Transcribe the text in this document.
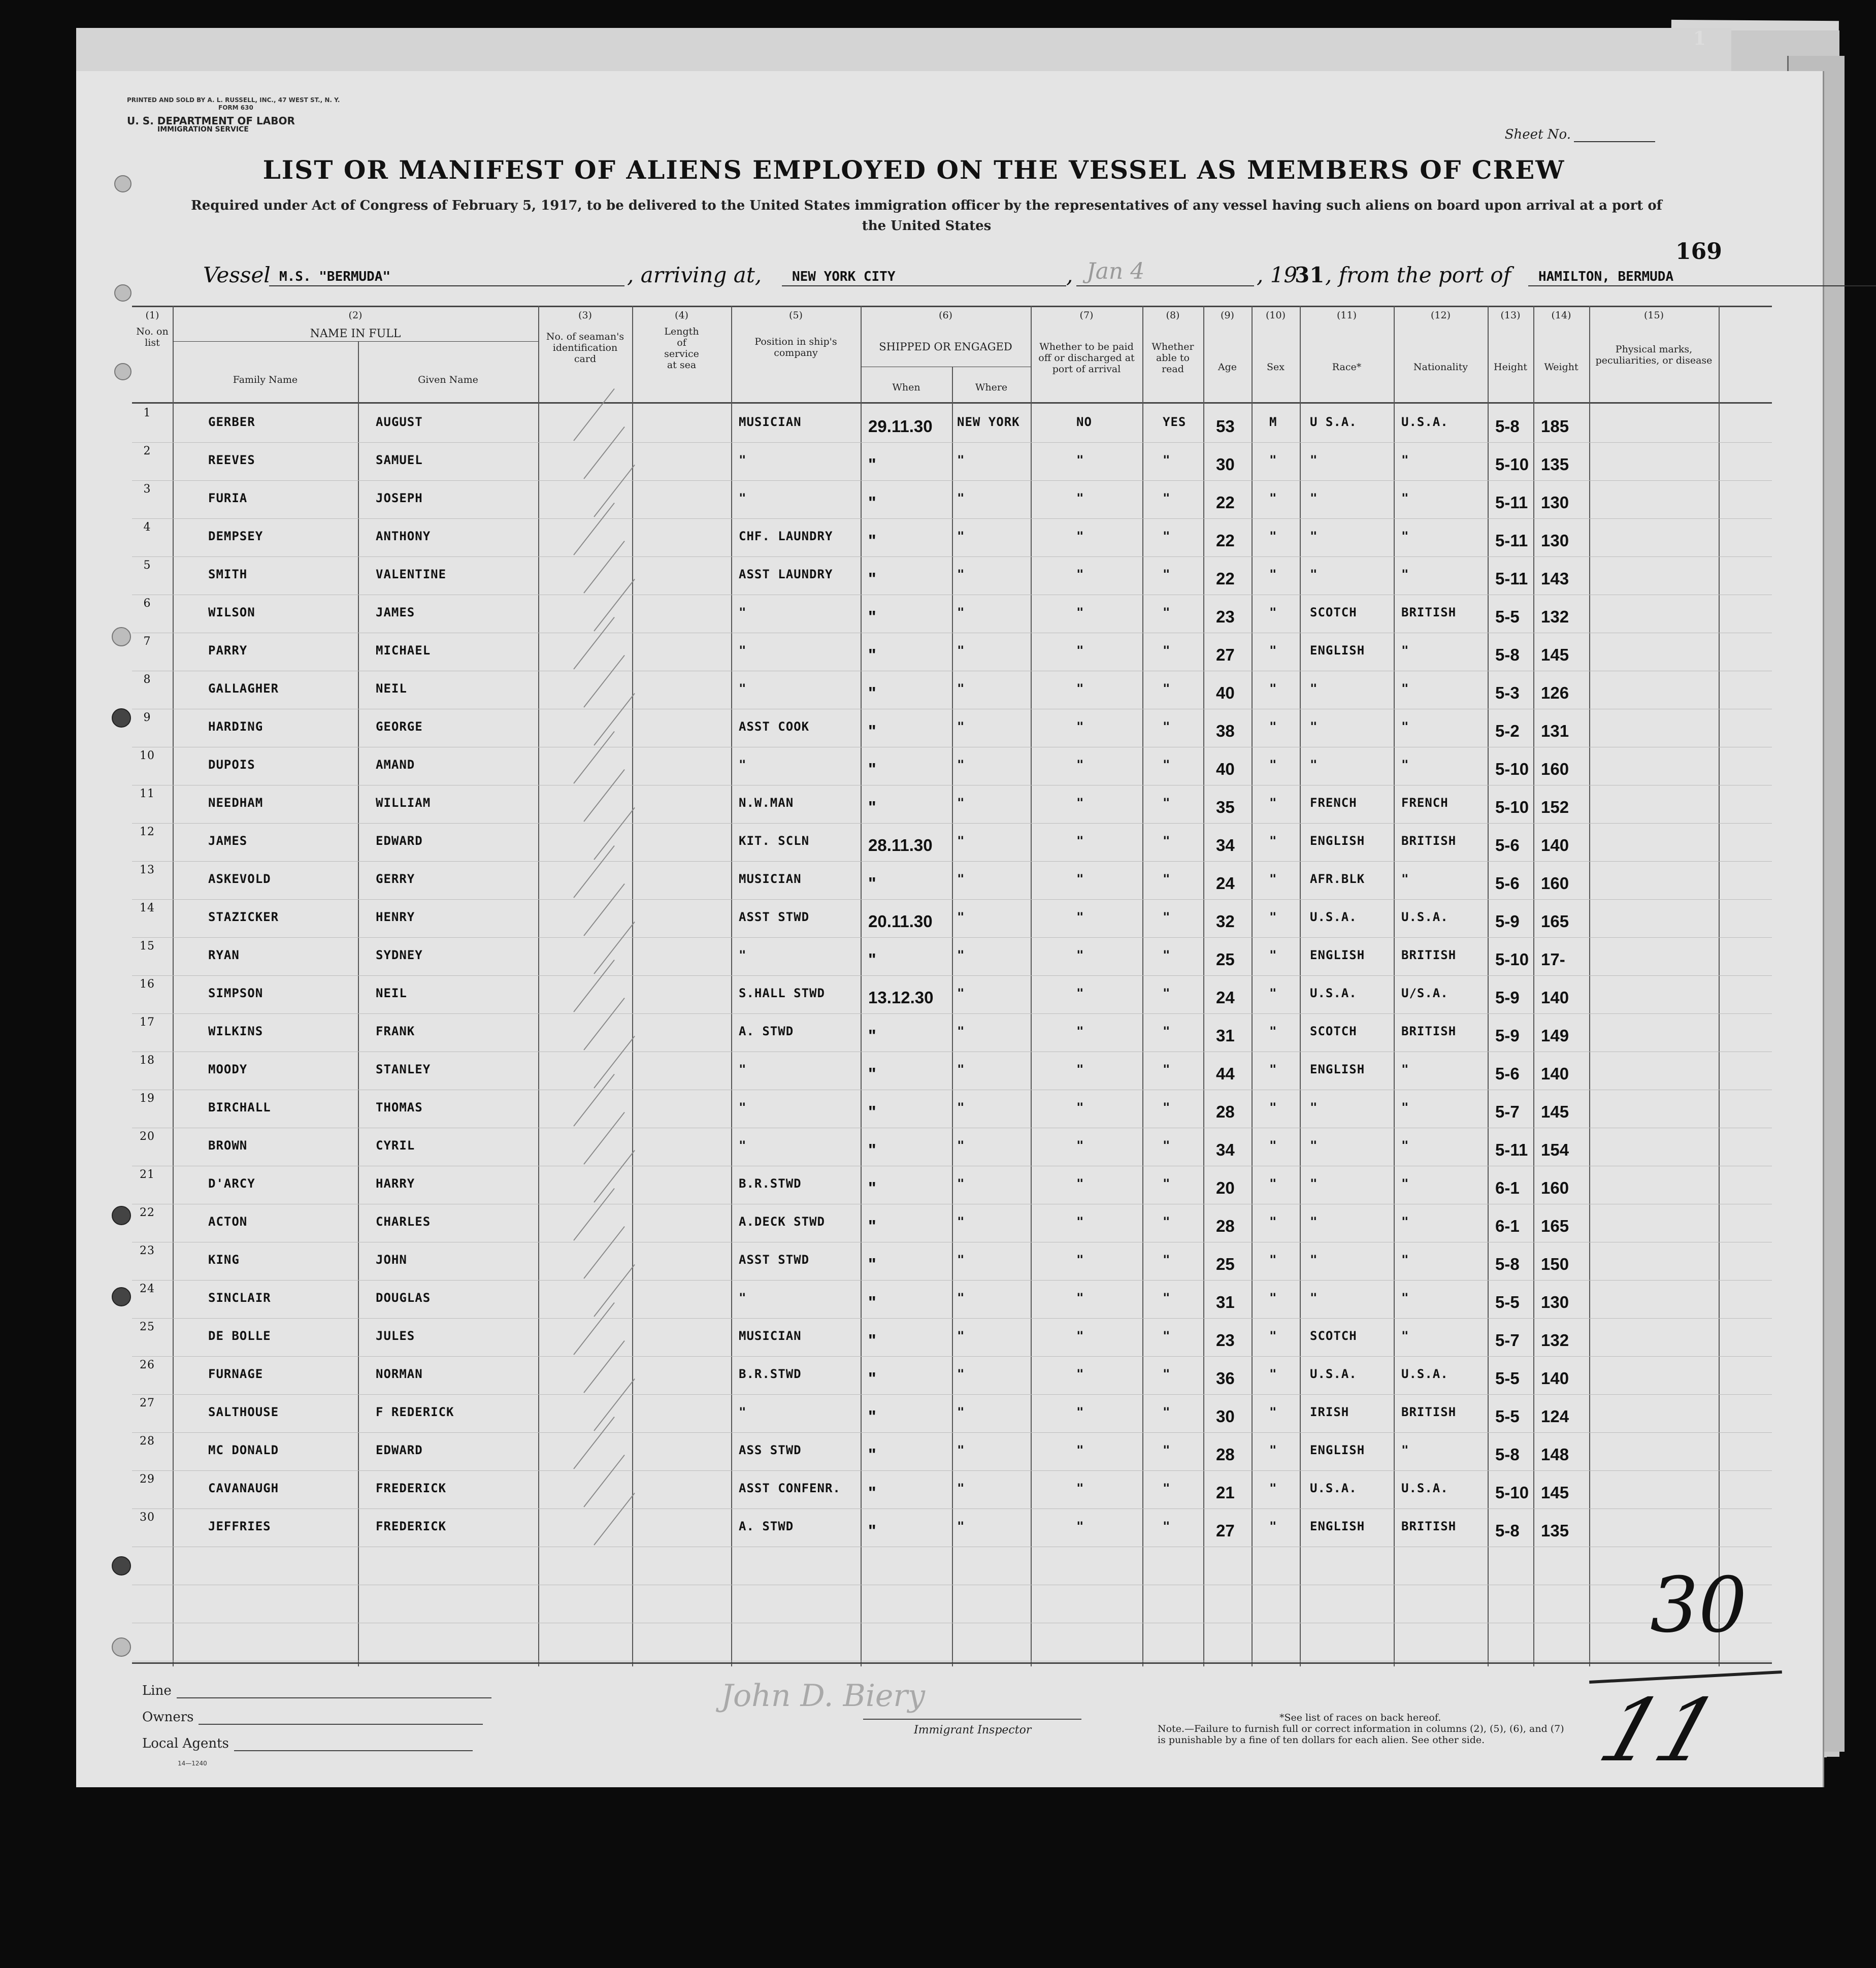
1
PRINTED AND SOLD BY A. L. RUSSELL, INC., 47 WEST ST., N. Y.
FORM 630
U. S. DEPARTMENT OF LABOR
IMMIGRATION SERVICE	Sheet No.
LIST OR MANIFEST OF ALIENS EMPLOYED ON THE VESSEL AS MEMBERS OF CREW
Required under Act of Congress of February 5, 1917, to be delivered to the United States immigration officer by the representatives of any vessel having such aliens on board upon arrival at a port of the United States
169
Vessel M.S. "BERMUDA"	, arriving at, NEW YORK CITY	, Jan 4	, 19
31 , from the port of HAMILTON, BERMUDA
(1)
No. on list
(2)
NAME IN FULL
Family Name	Given Name
(3)
No. of seaman's identification card
(4)
Length of service at sea
(5)
Position in ship's company
(6)
SHIPPED OR ENGAGED
When	Where
(7)
Whether to be paid off or discharged at port of arrival
(8)
Whether able to read
(9)
Age
(10)
Sex
(11)
Race*
(12)
Nationality
(13)
Height
(14)
Weight
(15)
Physical marks, peculiarities, or disease
1
GERBER	AUGUST	MUSICIAN	29.11.30 NEW YORK	NO	YES 53	M	U S.A.	U.S.A.	5-8 185
2
REEVES	SAMUEL	"	"	"	"	"	30	"	"	"	5-10 135
3
FURIA	JOSEPH	"	"	"	"	"	22	"	"	"	5-11 130
4
DEMPSEY	ANTHONY	CHF. LAUNDRY "	"	"	"	22	"	"	"	5-11 130
5
SMITH	VALENTINE	ASST LAUNDRY "	"	"	"	22	"	"	"	5-11 143
6
WILSON	JAMES	"	"	"	"	"	23	"	SCOTCH	BRITISH 5-5 132
7
PARRY	MICHAEL	"	"	"	"	"	27	"	ENGLISH	"	5-8 145
8
GALLAGHER	NEIL	"	"	"	"	"	40	"	"	"	5-3 126
9
HARDING	GEORGE	ASST COOK	"	"	"	"	38	"	"	"	5-2 131
10
DUPOIS	AMAND	"	"	"	"	"	40	"	"	"	5-10 160
11
NEEDHAM	WILLIAM	N.W.MAN	"	"	"	"	35	"	FRENCH	FRENCH	5-10 152
12
JAMES	EDWARD	KIT. SCLN	28.11.30 "	"	"	34	"	ENGLISH	BRITISH 5-6 140
13
ASKEVOLD	GERRY	MUSICIAN	"	"	"	"	24	"	AFR.BLK	"	5-6 160
14
STAZICKER	HENRY	ASST STWD	20.11.30 "	"	"	32	"	U.S.A.	U.S.A.	5-9 165
15
RYAN	SYDNEY	"	"	"	"	"	25	"	ENGLISH	BRITISH 5-10 17-
16
SIMPSON	NEIL	S.HALL STWD	13.12.30 "	"	"	24	"	U.S.A.	U/S.A.	5-9 140
17
WILKINS	FRANK	A. STWD	"	"	"	"	31	"	SCOTCH	BRITISH 5-9 149
18
MOODY	STANLEY	"	"	"	"	"	44	"	ENGLISH	"	5-6 140
19
BIRCHALL	THOMAS	"	"	"	"	"	28	"	"	"	5-7 145
20
BROWN	CYRIL	"	"	"	"	"	34	"	"	"	5-11 154
21
D'ARCY	HARRY	B.R.STWD	"	"	"	"	20	"	"	"	6-1 160
22
ACTON	CHARLES	A.DECK STWD	"	"	"	"	28	"	"	"	6-1 165
23
KING	JOHN	ASST STWD	"	"	"	"	25	"	"	"	5-8 150
24
SINCLAIR	DOUGLAS	"	"	"	"	"	31	"	"	"	5-5 130
25
DE BOLLE	JULES	MUSICIAN	"	"	"	"	23	"	SCOTCH	"	5-7 132
26
FURNAGE	NORMAN	B.R.STWD	"	"	"	"	36	"	U.S.A.	U.S.A.	5-5 140
27
SALTHOUSE	F REDERICK	"	"	"	"	"	30	"	IRISH	BRITISH 5-5 124
28
MC DONALD	EDWARD	ASS STWD	"	"	"	"	28	"	ENGLISH	"	5-8 148
29
CAVANAUGH	FREDERICK	ASST CONFENR. "	"	"	"	21	"	U.S.A.	U.S.A.	5-10 145
30
JEFFRIES	FREDERICK	A. STWD	"	"	"	"	27	"	ENGLISH	BRITISH 5-8 135
30
11
Line
Owners
Local Agents
14—1240
John D. Biery
Immigrant Inspector
*See list of races on back hereof.
Note.—Failure to furnish full or correct information in columns (2), (5), (6), and (7) is punishable by a fine of ten dollars for each alien. See other side.
